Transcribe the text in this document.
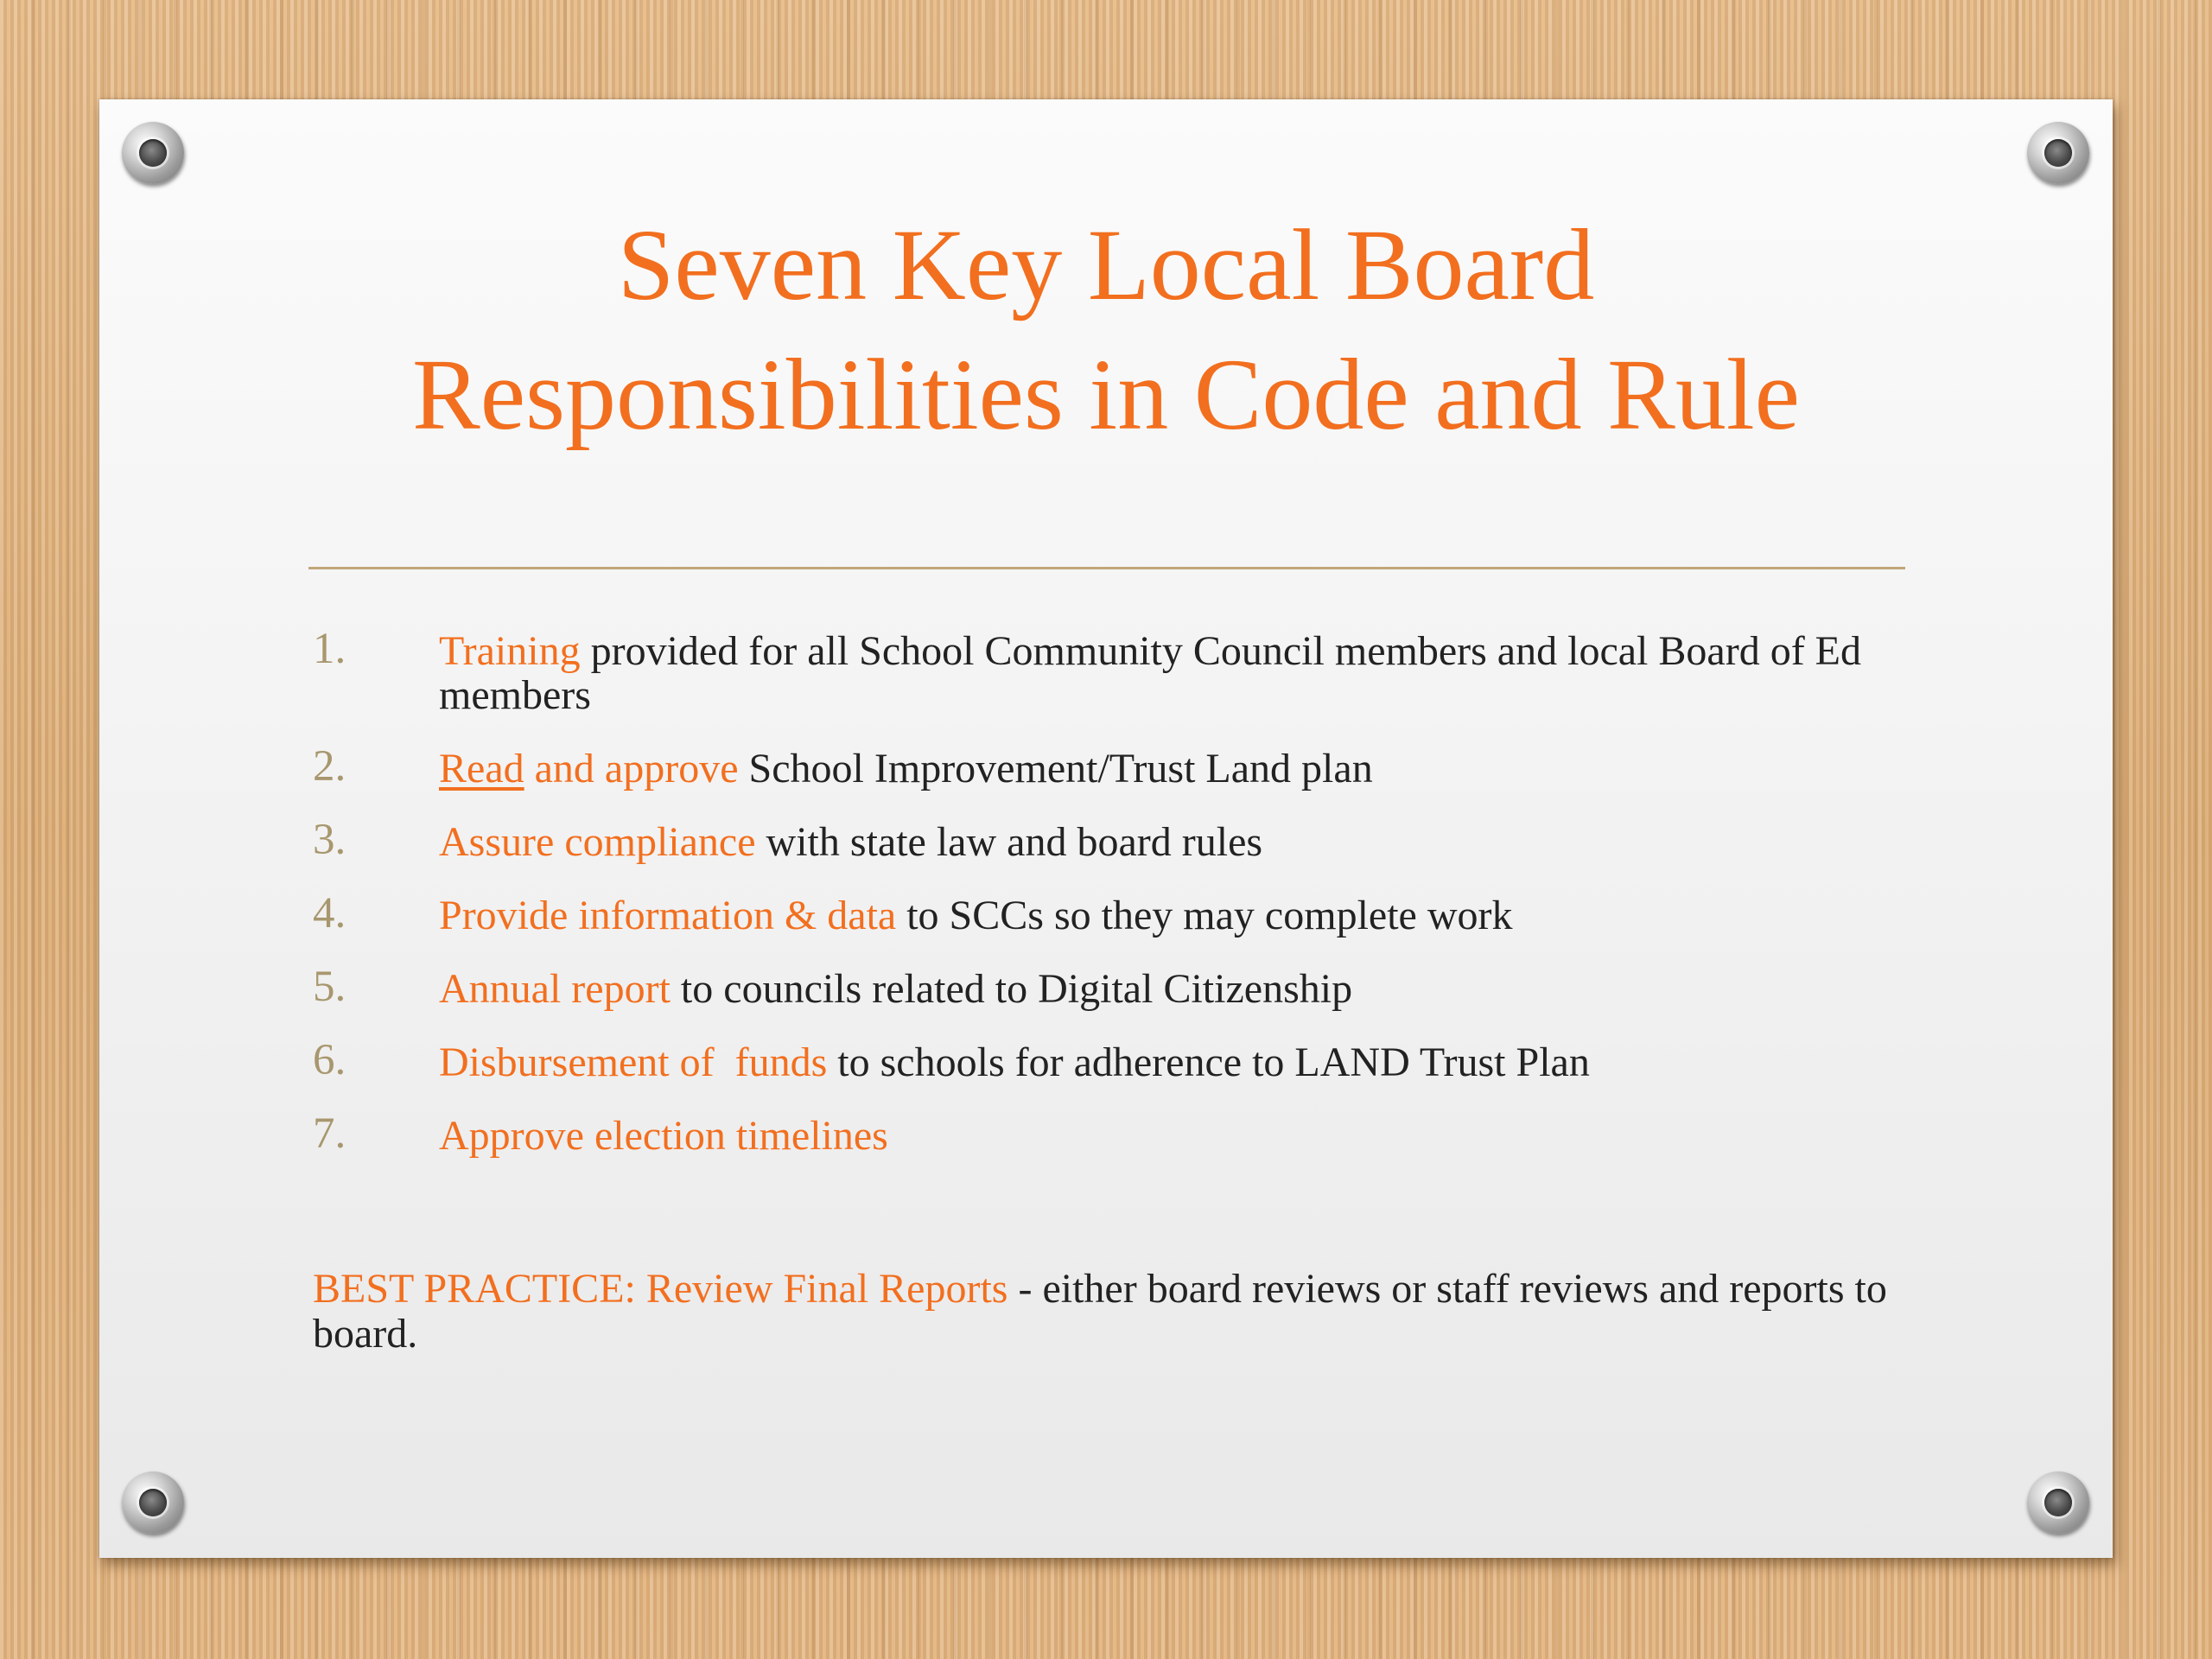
Seven Key Local Board
Responsibilities in Code and Rule
1 .	Training provided for all School Community Council members and local Board of Ed members
2 .	Read and approve School Improvement/Trust Land plan
3 .	Assure compliance with state law and board rules
4 .	Provide information & data to SCCs so they may complete work
5 .	Annual report to councils related to Digital Citizenship
6 .	Disbursement of  funds to schools for adherence to LAND Trust Plan
7 .	Approve election timelines

BEST PRACTICE: Review Final Reports - either board reviews or staff reviews and reports to board.
